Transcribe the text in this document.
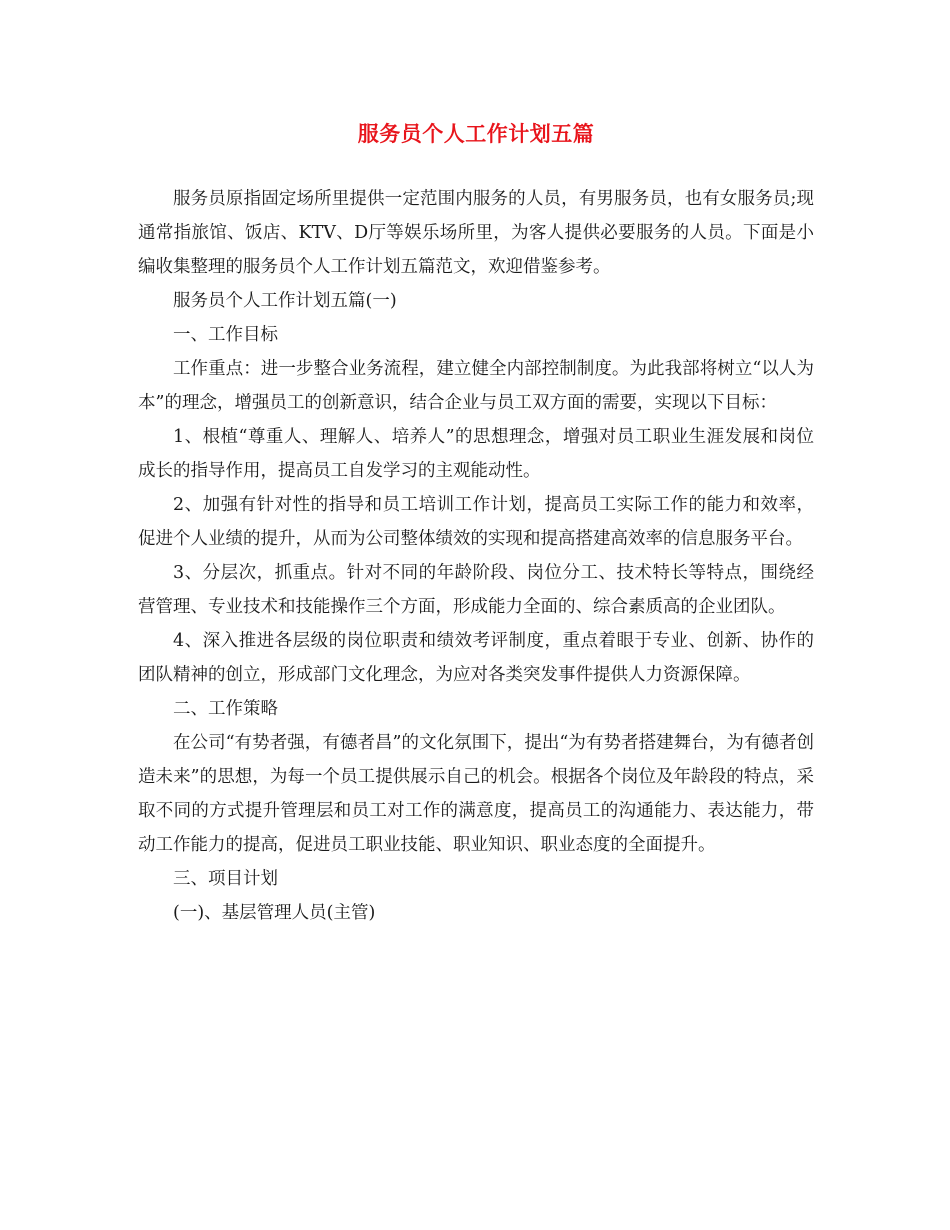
服务员个人工作计划五篇

服务员原指固定场所里提供一定范围内服务的人员，有男服务员，也有女服务员;现通常指旅馆、饭店、KTV、D厅等娱乐场所里，为客人提供必要服务的人员。下面是小编收集整理的服务员个人工作计划五篇范文，欢迎借鉴参考。

服务员个人工作计划五篇(一)

一、工作目标

工作重点：进一步整合业务流程，建立健全内部控制制度。为此我部将树立“以人为本”的理念，增强员工的创新意识，结合企业与员工双方面的需要，实现以下目标：

1、根植“尊重人、理解人、培养人”的思想理念，增强对员工职业生涯发展和岗位成长的指导作用，提高员工自发学习的主观能动性。

2、加强有针对性的指导和员工培训工作计划，提高员工实际工作的能力和效率，促进个人业绩的提升，从而为公司整体绩效的实现和提高搭建高效率的信息服务平台。

3、分层次，抓重点。针对不同的年龄阶段、岗位分工、技术特长等特点，围绕经营管理、专业技术和技能操作三个方面，形成能力全面的、综合素质高的企业团队。

4、深入推进各层级的岗位职责和绩效考评制度，重点着眼于专业、创新、协作的团队精神的创立，形成部门文化理念，为应对各类突发事件提供人力资源保障。

二、工作策略

在公司“有势者强，有德者昌”的文化氛围下，提出“为有势者搭建舞台，为有德者创造未来”的思想，为每一个员工提供展示自己的机会。根据各个岗位及年龄段的特点，采取不同的方式提升管理层和员工对工作的满意度，提高员工的沟通能力、表达能力，带动工作能力的提高，促进员工职业技能、职业知识、职业态度的全面提升。

三、项目计划

(一)、基层管理人员(主管)
